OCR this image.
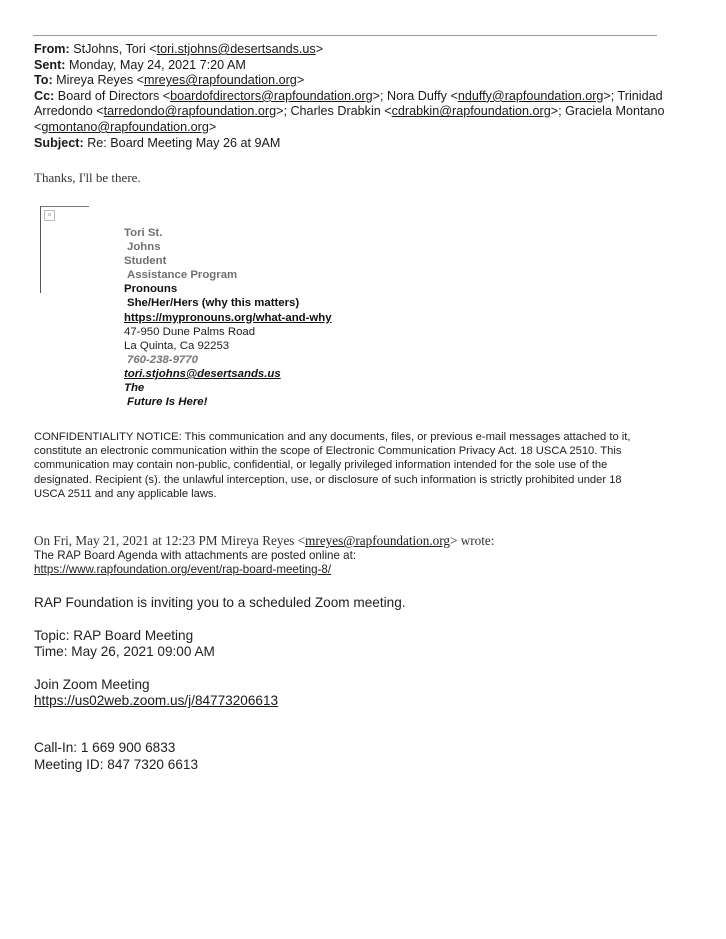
From: StJohns, Tori <tori.stjohns@desertsands.us>
Sent: Monday, May 24, 2021 7:20 AM
To: Mireya Reyes <mreyes@rapfoundation.org>
Cc: Board of Directors <boardofdirectors@rapfoundation.org>; Nora Duffy <nduffy@rapfoundation.org>; Trinidad Arredondo <tarredondo@rapfoundation.org>; Charles Drabkin <cdrabkin@rapfoundation.org>; Graciela Montano <gmontano@rapfoundation.org>
Subject: Re: Board Meeting May 26 at 9AM
Thanks, I'll be there.
×
Tori St.
Johns
Student
Assistance Program
Pronouns
She/Her/Hers (why this matters)
https://mypronouns.org/what-and-why
47-950 Dune Palms Road
La Quinta, Ca 92253
760-238-9770
tori.stjohns@desertsands.us
The
Future Is Here!
CONFIDENTIALITY NOTICE: This communication and any documents, files, or previous e-mail messages attached to it, constitute an electronic communication within the scope of Electronic Communication Privacy Act. 18 USCA 2510. This communication may contain non-public, confidential, or legally privileged information intended for the sole use of the designated. Recipient (s). the unlawful interception, use, or disclosure of such information is strictly prohibited under 18 USCA 2511 and any applicable laws.
On Fri, May 21, 2021 at 12:23 PM Mireya Reyes <mreyes@rapfoundation.org> wrote:
The RAP Board Agenda with attachments are posted online at:
https://www.rapfoundation.org/event/rap-board-meeting-8/
RAP Foundation is inviting you to a scheduled Zoom meeting.
Topic: RAP Board Meeting
Time: May 26, 2021 09:00 AM
Join Zoom Meeting
https://us02web.zoom.us/j/84773206613
Call-In: 1 669 900 6833
Meeting ID: 847 7320 6613
